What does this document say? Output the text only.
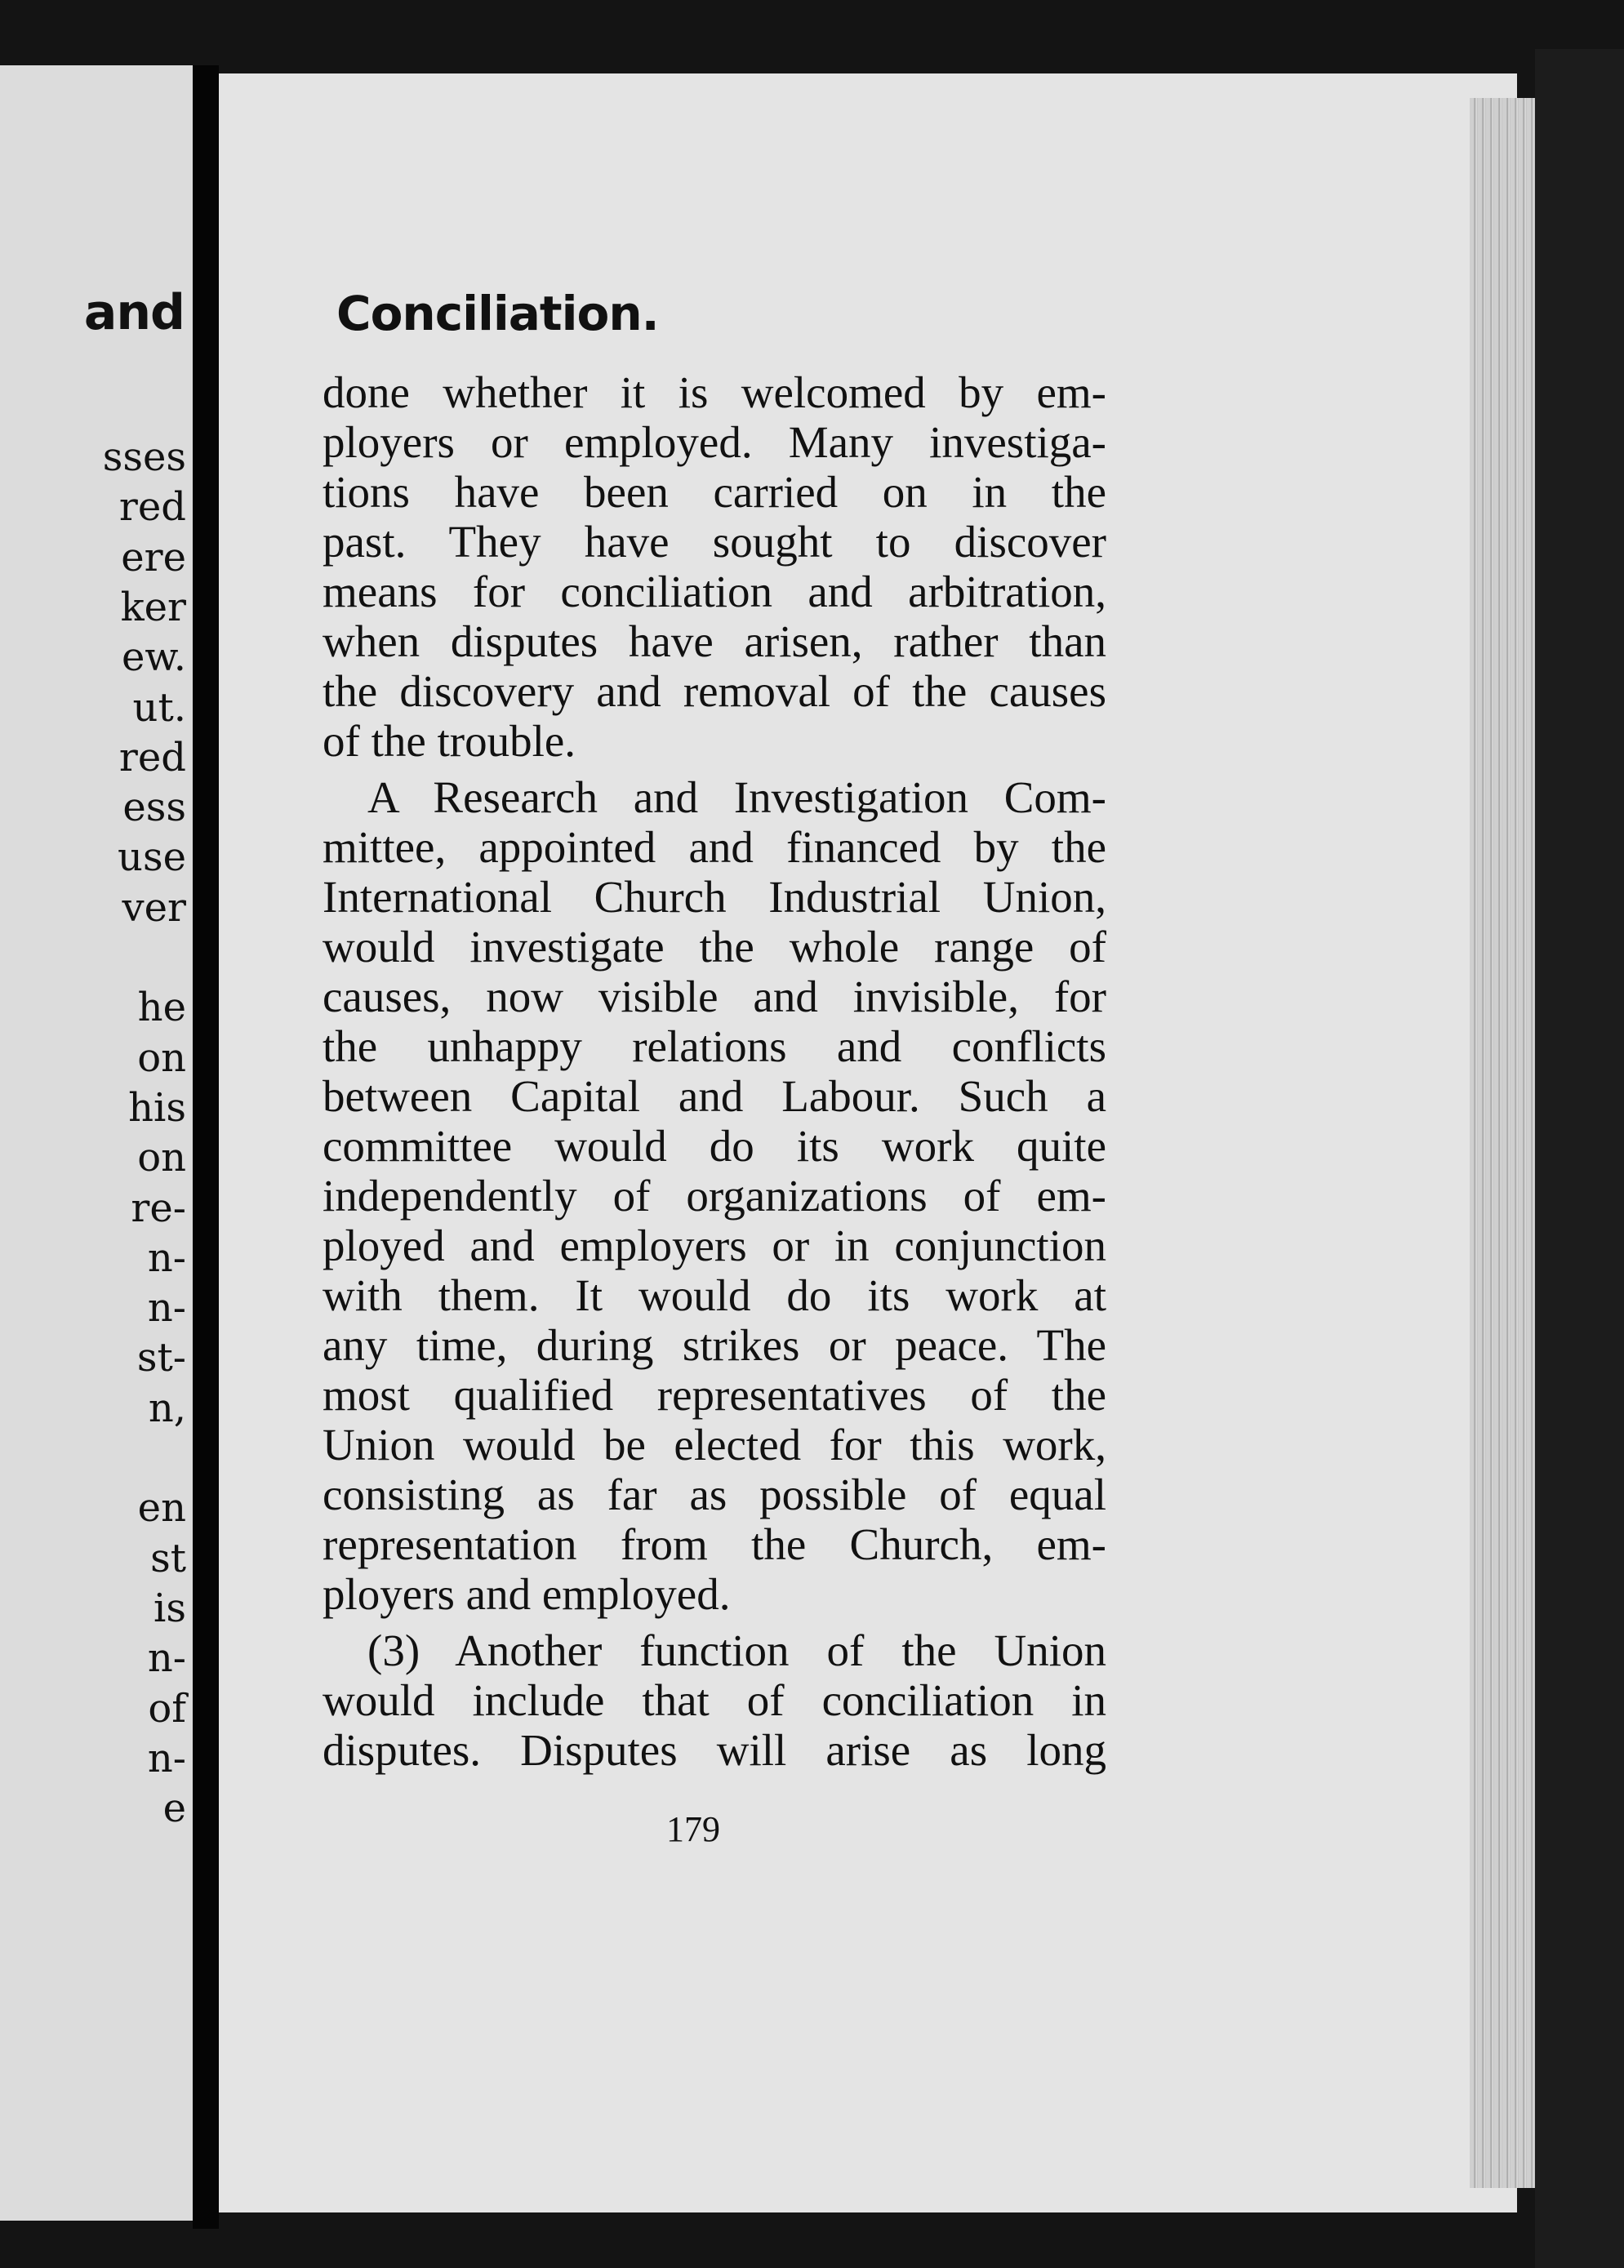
and
sses
red
ere
ker
ew.
ut.
red
ess
use
ver
he
on
his
on
re-
n-
n-
st-
n,
en
st
is
n-
of
n-
e
Conciliation.
done whether it is welcomed by em-
ployers or employed. Many investiga-
tions have been carried on in the
past. They have sought to discover
means for conciliation and arbitration,
when disputes have arisen, rather than
the discovery and removal of the causes
of the trouble.
A Research and Investigation Com-
mittee, appointed and financed by the
International Church Industrial Union,
would investigate the whole range of
causes, now visible and invisible, for
the unhappy relations and conflicts
between Capital and Labour. Such a
committee would do its work quite
independently of organizations of em-
ployed and employers or in conjunction
with them. It would do its work at
any time, during strikes or peace. The
most qualified representatives of the
Union would be elected for this work,
consisting as far as possible of equal
representation from the Church, em-
ployers and employed.
(3) Another function of the Union
would include that of conciliation in
disputes. Disputes will arise as long
179
